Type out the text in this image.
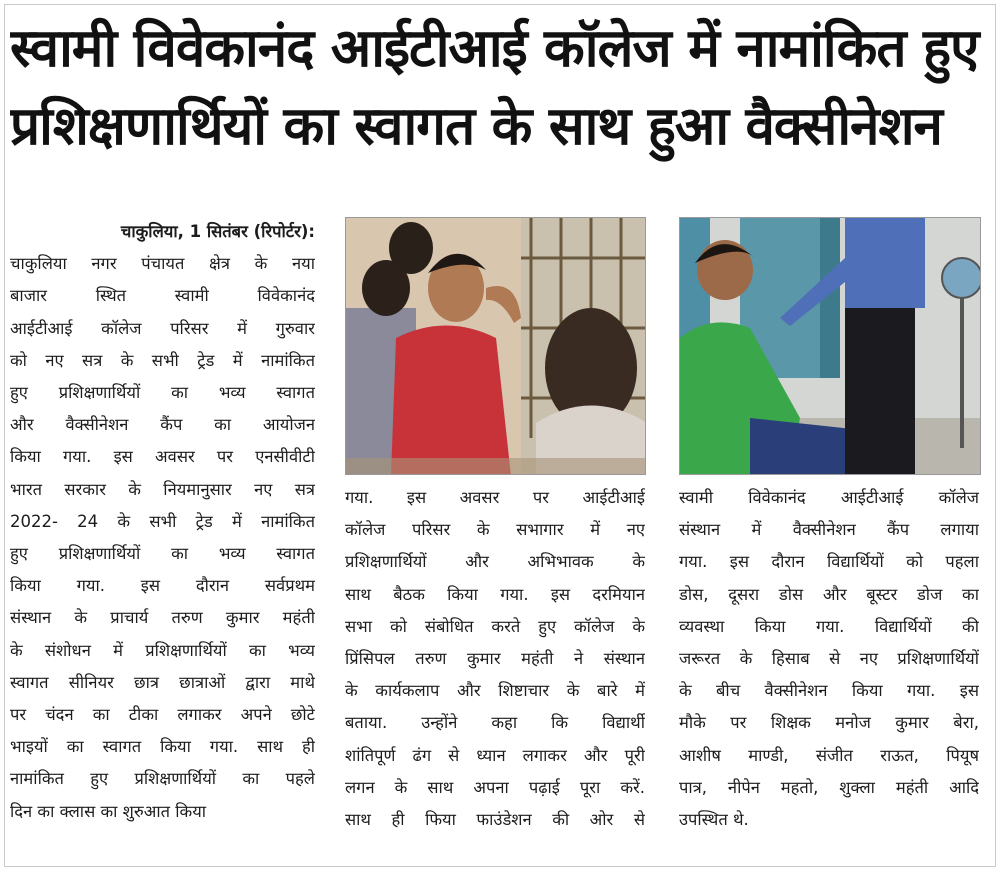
स्वामी विवेकानंद आईटीआई कॉलेज में नामांकित हुए
प्रशिक्षणार्थियों का स्वागत के साथ हुआ वैक्सीनेशन
चाकुलिया, 1 सितंबर (रिपोर्टर):
चाकुलिया नगर पंचायत क्षेत्र के नया
बाजार स्थित स्वामी विवेकानंद
आईटीआई कॉलेज परिसर में गुरुवार
को नए सत्र के सभी ट्रेड में नामांकित
हुए प्रशिक्षणार्थियों का भव्य स्वागत
और वैक्सीनेशन कैंप का आयोजन
किया गया. इस अवसर पर एनसीवीटी
भारत सरकार के नियमानुसार नए सत्र
2022- 24 के सभी ट्रेड में नामांकित
हुए प्रशिक्षणार्थियों का भव्य स्वागत
किया गया. इस दौरान सर्वप्रथम
संस्थान के प्राचार्य तरुण कुमार महंती
के संशोधन में प्रशिक्षणार्थियों का भव्य
स्वागत सीनियर छात्र छात्राओं द्वारा माथे
पर चंदन का टीका लगाकर अपने छोटे
भाइयों का स्वागत किया गया. साथ ही
नामांकित हुए प्रशिक्षणार्थियों का पहले
दिन का क्लास का शुरुआत किया
गया. इस अवसर पर आईटीआई
कॉलेज परिसर के सभागार में नए
प्रशिक्षणार्थियों और अभिभावक के
साथ बैठक किया गया. इस दरमियान
सभा को संबोधित करते हुए कॉलेज के
प्रिंसिपल तरुण कुमार महंती ने संस्थान
के कार्यकलाप और शिष्टाचार के बारे में
बताया. उन्होंने कहा कि विद्यार्थी
शांतिपूर्ण ढंग से ध्यान लगाकर और पूरी
लगन के साथ अपना पढ़ाई पूरा करें.
साथ ही फिया फाउंडेशन की ओर से
स्वामी विवेकानंद आईटीआई कॉलेज
संस्थान में वैक्सीनेशन कैंप लगाया
गया. इस दौरान विद्यार्थियों को पहला
डोस, दूसरा डोस और बूस्टर डोज का
व्यवस्था किया गया. विद्यार्थियों की
जरूरत के हिसाब से नए प्रशिक्षणार्थियों
के बीच वैक्सीनेशन किया गया. इस
मौके पर शिक्षक मनोज कुमार बेरा,
आशीष माण्डी, संजीत राऊत, पियूष
पात्र, नीपेन महतो, शुक्ला महंती आदि
उपस्थित थे.
